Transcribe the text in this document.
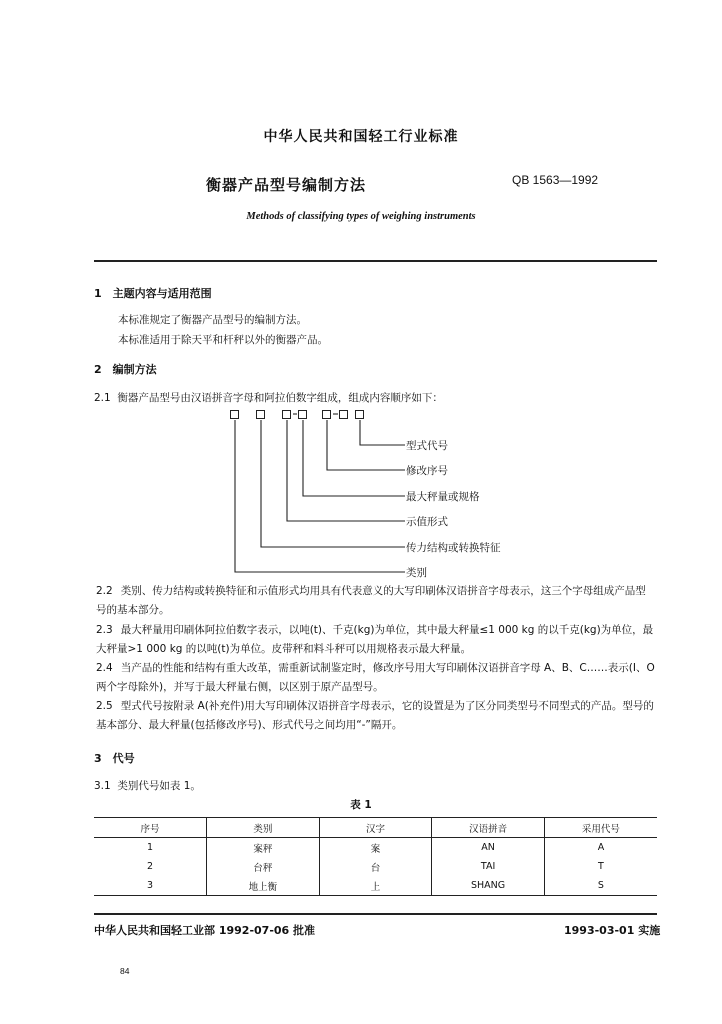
中华人民共和国轻工行业标准
衡器产品型号编制方法	QB 1563—1992
Methods of classifying types of weighing instruments
1　主题内容与适用范围
本标准规定了衡器产品型号的编制方法。
本标准适用于除天平和杆秤以外的衡器产品。
2　编制方法
2.1 衡器产品型号由汉语拼音字母和阿拉伯数字组成，组成内容顺序如下：
型式代号
修改序号
最大秤量或规格
示值形式
传力结构或转换特征
类别
2.2 类别、传力结构或转换特征和示值形式均用具有代表意义的大写印刷体汉语拼音字母表示，这三个字母组成产品型号的基本部分。
2.3 最大秤量用印刷体阿拉伯数字表示，以吨(t)、千克(kg)为单位，其中最大秤量≤1 000 kg 的以千克(kg)为单位，最大秤量>1 000 kg 的以吨(t)为单位。皮带秤和料斗秤可以用规格表示最大秤量。
2.4 当产品的性能和结构有重大改革，需重新试制鉴定时，修改序号用大写印刷体汉语拼音字母 A、B、C……表示(I、O 两个字母除外)，并写于最大秤量右侧，以区别于原产品型号。
2.5 型式代号按附录 A(补充件)用大写印刷体汉语拼音字母表示，它的设置是为了区分同类型号不同型式的产品。型号的基本部分、最大秤量(包括修改序号)、形式代号之间均用“-”隔开。
3　代号
3.1 类别代号如表 1。
表 1
序号	类别	汉字	汉语拼音	采用代号
1	案秤	案	AN	A
2	台秤	台	TAI	T
3	地上衡	上	SHANG	S
中华人民共和国轻工业部 1992-07-06 批准	1993-03-01 实施
84
